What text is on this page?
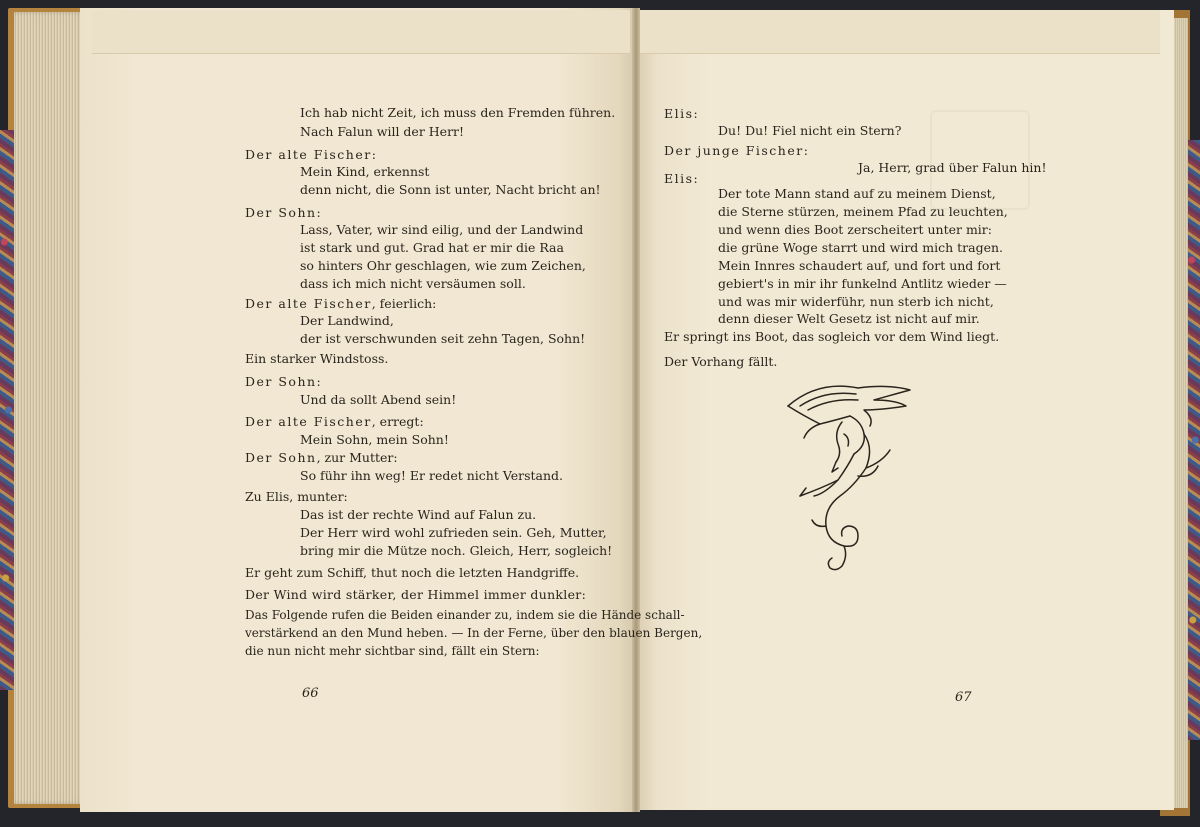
Ich hab nicht Zeit, ich muss den Fremden führen.
Nach Falun will der Herr!
Der alte Fischer:
Mein Kind, erkennst
denn nicht, die Sonn ist unter, Nacht bricht an!
Der Sohn:
Lass, Vater, wir sind eilig, und der Landwind
ist stark und gut. Grad hat er mir die Raa
so hinters Ohr geschlagen, wie zum Zeichen,
dass ich mich nicht versäumen soll.
Der alte Fischer, feierlich:
Der Landwind,
der ist verschwunden seit zehn Tagen, Sohn!
Ein starker Windstoss.
Der Sohn:
Und da sollt Abend sein!
Der alte Fischer, erregt:
Mein Sohn, mein Sohn!
Der Sohn, zur Mutter:
So führ ihn weg! Er redet nicht Verstand.
Zu Elis, munter:
Das ist der rechte Wind auf Falun zu.
Der Herr wird wohl zufrieden sein. Geh, Mutter,
bring mir die Mütze noch. Gleich, Herr, sogleich!
Er geht zum Schiff, thut noch die letzten Handgriffe.
Der Wind wird stärker, der Himmel immer dunkler:
Das Folgende rufen die Beiden einander zu, indem sie die Hände schall-
verstärkend an den Mund heben. — In der Ferne, über den blauen Bergen,
die nun nicht mehr sichtbar sind, fällt ein Stern:
66
Elis:
Du! Du! Fiel nicht ein Stern?
Der junge Fischer:
Ja, Herr, grad über Falun hin!
Elis:
Der tote Mann stand auf zu meinem Dienst,
die Sterne stürzen, meinem Pfad zu leuchten,
und wenn dies Boot zerscheitert unter mir:
die grüne Woge starrt und wird mich tragen.
Mein Innres schaudert auf, und fort und fort
gebiert's in mir ihr funkelnd Antlitz wieder —
und was mir widerführ, nun sterb ich nicht,
denn dieser Welt Gesetz ist nicht auf mir.
Er springt ins Boot, das sogleich vor dem Wind liegt.
Der Vorhang fällt.
67
